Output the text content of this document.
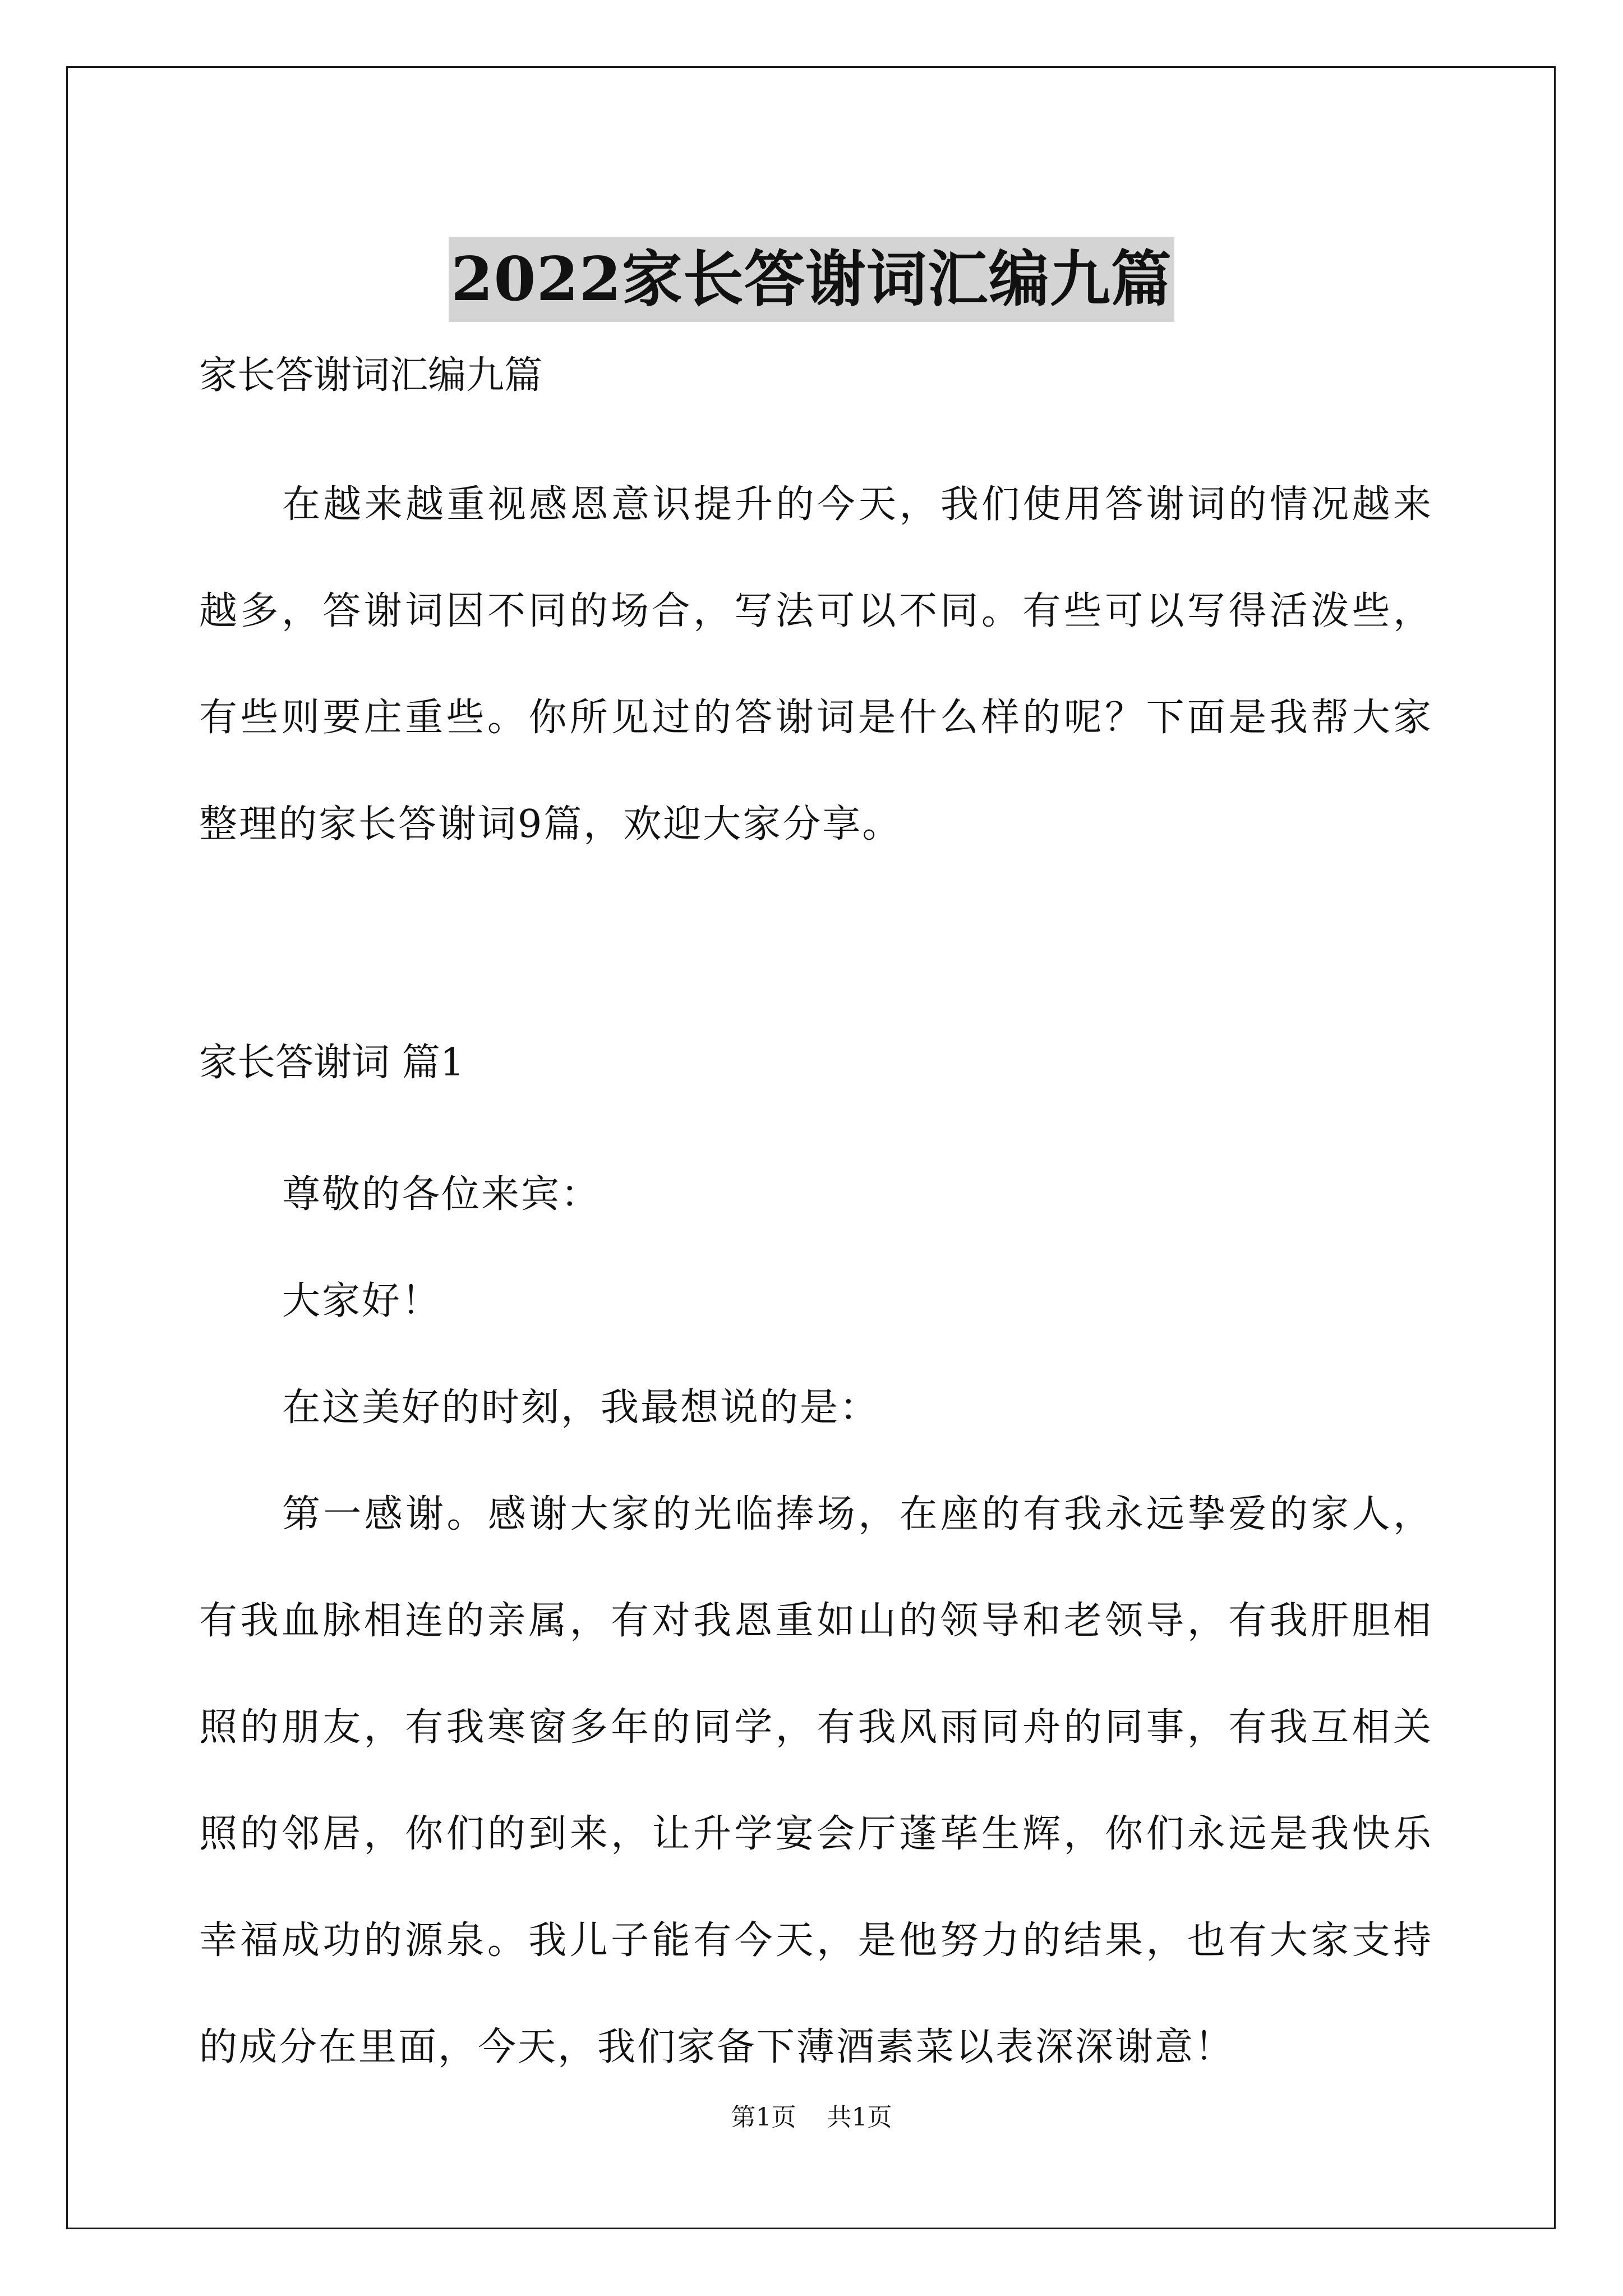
2022家长答谢词汇编九篇

家长答谢词汇编九篇

在越来越重视感恩意识提升的今天，我们使用答谢词的情况越来越多，答谢词因不同的场合，写法可以不同。有些可以写得活泼些，有些则要庄重些。你所见过的答谢词是什么样的呢？下面是我帮大家整理的家长答谢词9篇，欢迎大家分享。

家长答谢词 篇1

尊敬的各位来宾：

大家好！

在这美好的时刻，我最想说的是：

第一感谢。感谢大家的光临捧场，在座的有我永远挚爱的家人，有我血脉相连的亲属，有对我恩重如山的领导和老领导，有我肝胆相照的朋友，有我寒窗多年的同学，有我风雨同舟的同事，有我互相关照的邻居，你们的到来，让升学宴会厅蓬荜生辉，你们永远是我快乐幸福成功的源泉。我儿子能有今天，是他努力的结果，也有大家支持的成分在里面，今天，我们家备下薄酒素菜以表深深谢意！

第1页 共1页
